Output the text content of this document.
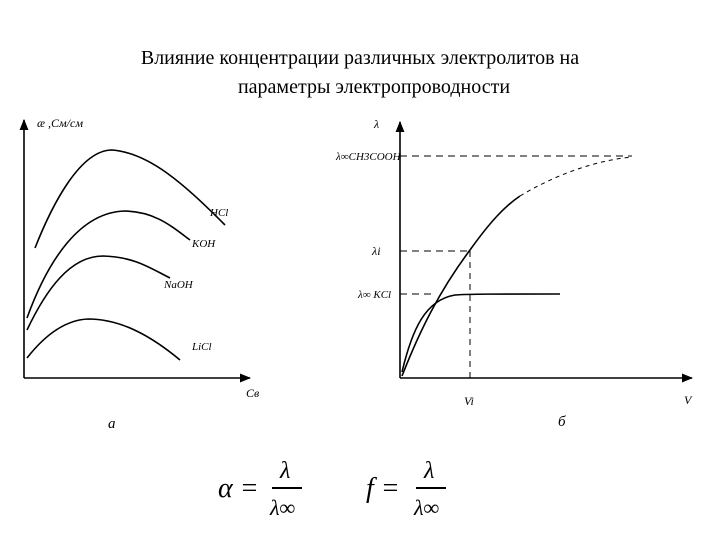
Влияние концентрации различных электролитов на
параметры электропроводности
æ ,См/см
Cв
а
HCl
KOH
NaOH
LiCl
λ
V
б
λ∞CH3COOH
λi
λ∞ KCl
Vi
α =
λ
λ∞
f =
λ
λ∞
